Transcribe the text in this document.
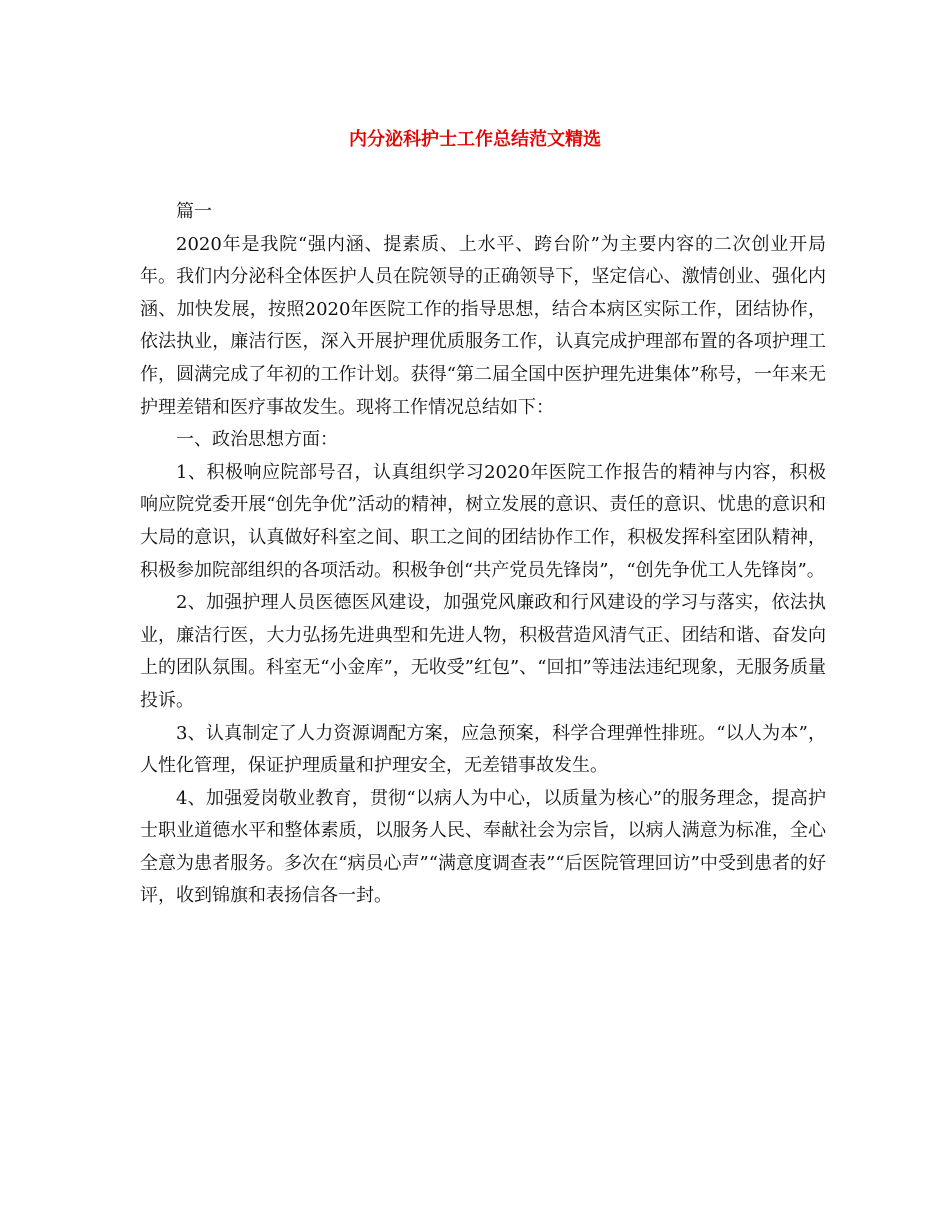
内分泌科护士工作总结范文精选

篇一

2020年是我院“强内涵、提素质、上水平、跨台阶”为主要内容的二次创业开局年。我们内分泌科全体医护人员在院领导的正确领导下，坚定信心、激情创业、强化内涵、加快发展，按照2020年医院工作的指导思想，结合本病区实际工作，团结协作，依法执业，廉洁行医，深入开展护理优质服务工作，认真完成护理部布置的各项护理工作，圆满完成了年初的工作计划。获得“第二届全国中医护理先进集体”称号，一年来无护理差错和医疗事故发生。现将工作情况总结如下：

一、政治思想方面：

1、积极响应院部号召，认真组织学习2020年医院工作报告的精神与内容，积极响应院党委开展“创先争优”活动的精神，树立发展的意识、责任的意识、忧患的意识和大局的意识，认真做好科室之间、职工之间的团结协作工作，积极发挥科室团队精神，积极参加院部组织的各项活动。积极争创“共产党员先锋岗”，“创先争优工人先锋岗”。

2、加强护理人员医德医风建设，加强党风廉政和行风建设的学习与落实，依法执业，廉洁行医，大力弘扬先进典型和先进人物，积极营造风清气正、团结和谐、奋发向上的团队氛围。科室无“小金库”，无收受”红包”、“回扣”等违法违纪现象，无服务质量投诉。

3、认真制定了人力资源调配方案，应急预案，科学合理弹性排班。“以人为本”，人性化管理，保证护理质量和护理安全，无差错事故发生。

4、加强爱岗敬业教育，贯彻“以病人为中心，以质量为核心”的服务理念，提高护士职业道德水平和整体素质，以服务人民、奉献社会为宗旨，以病人满意为标准，全心全意为患者服务。多次在“病员心声”“满意度调查表”“后医院管理回访”中受到患者的好评，收到锦旗和表扬信各一封。
